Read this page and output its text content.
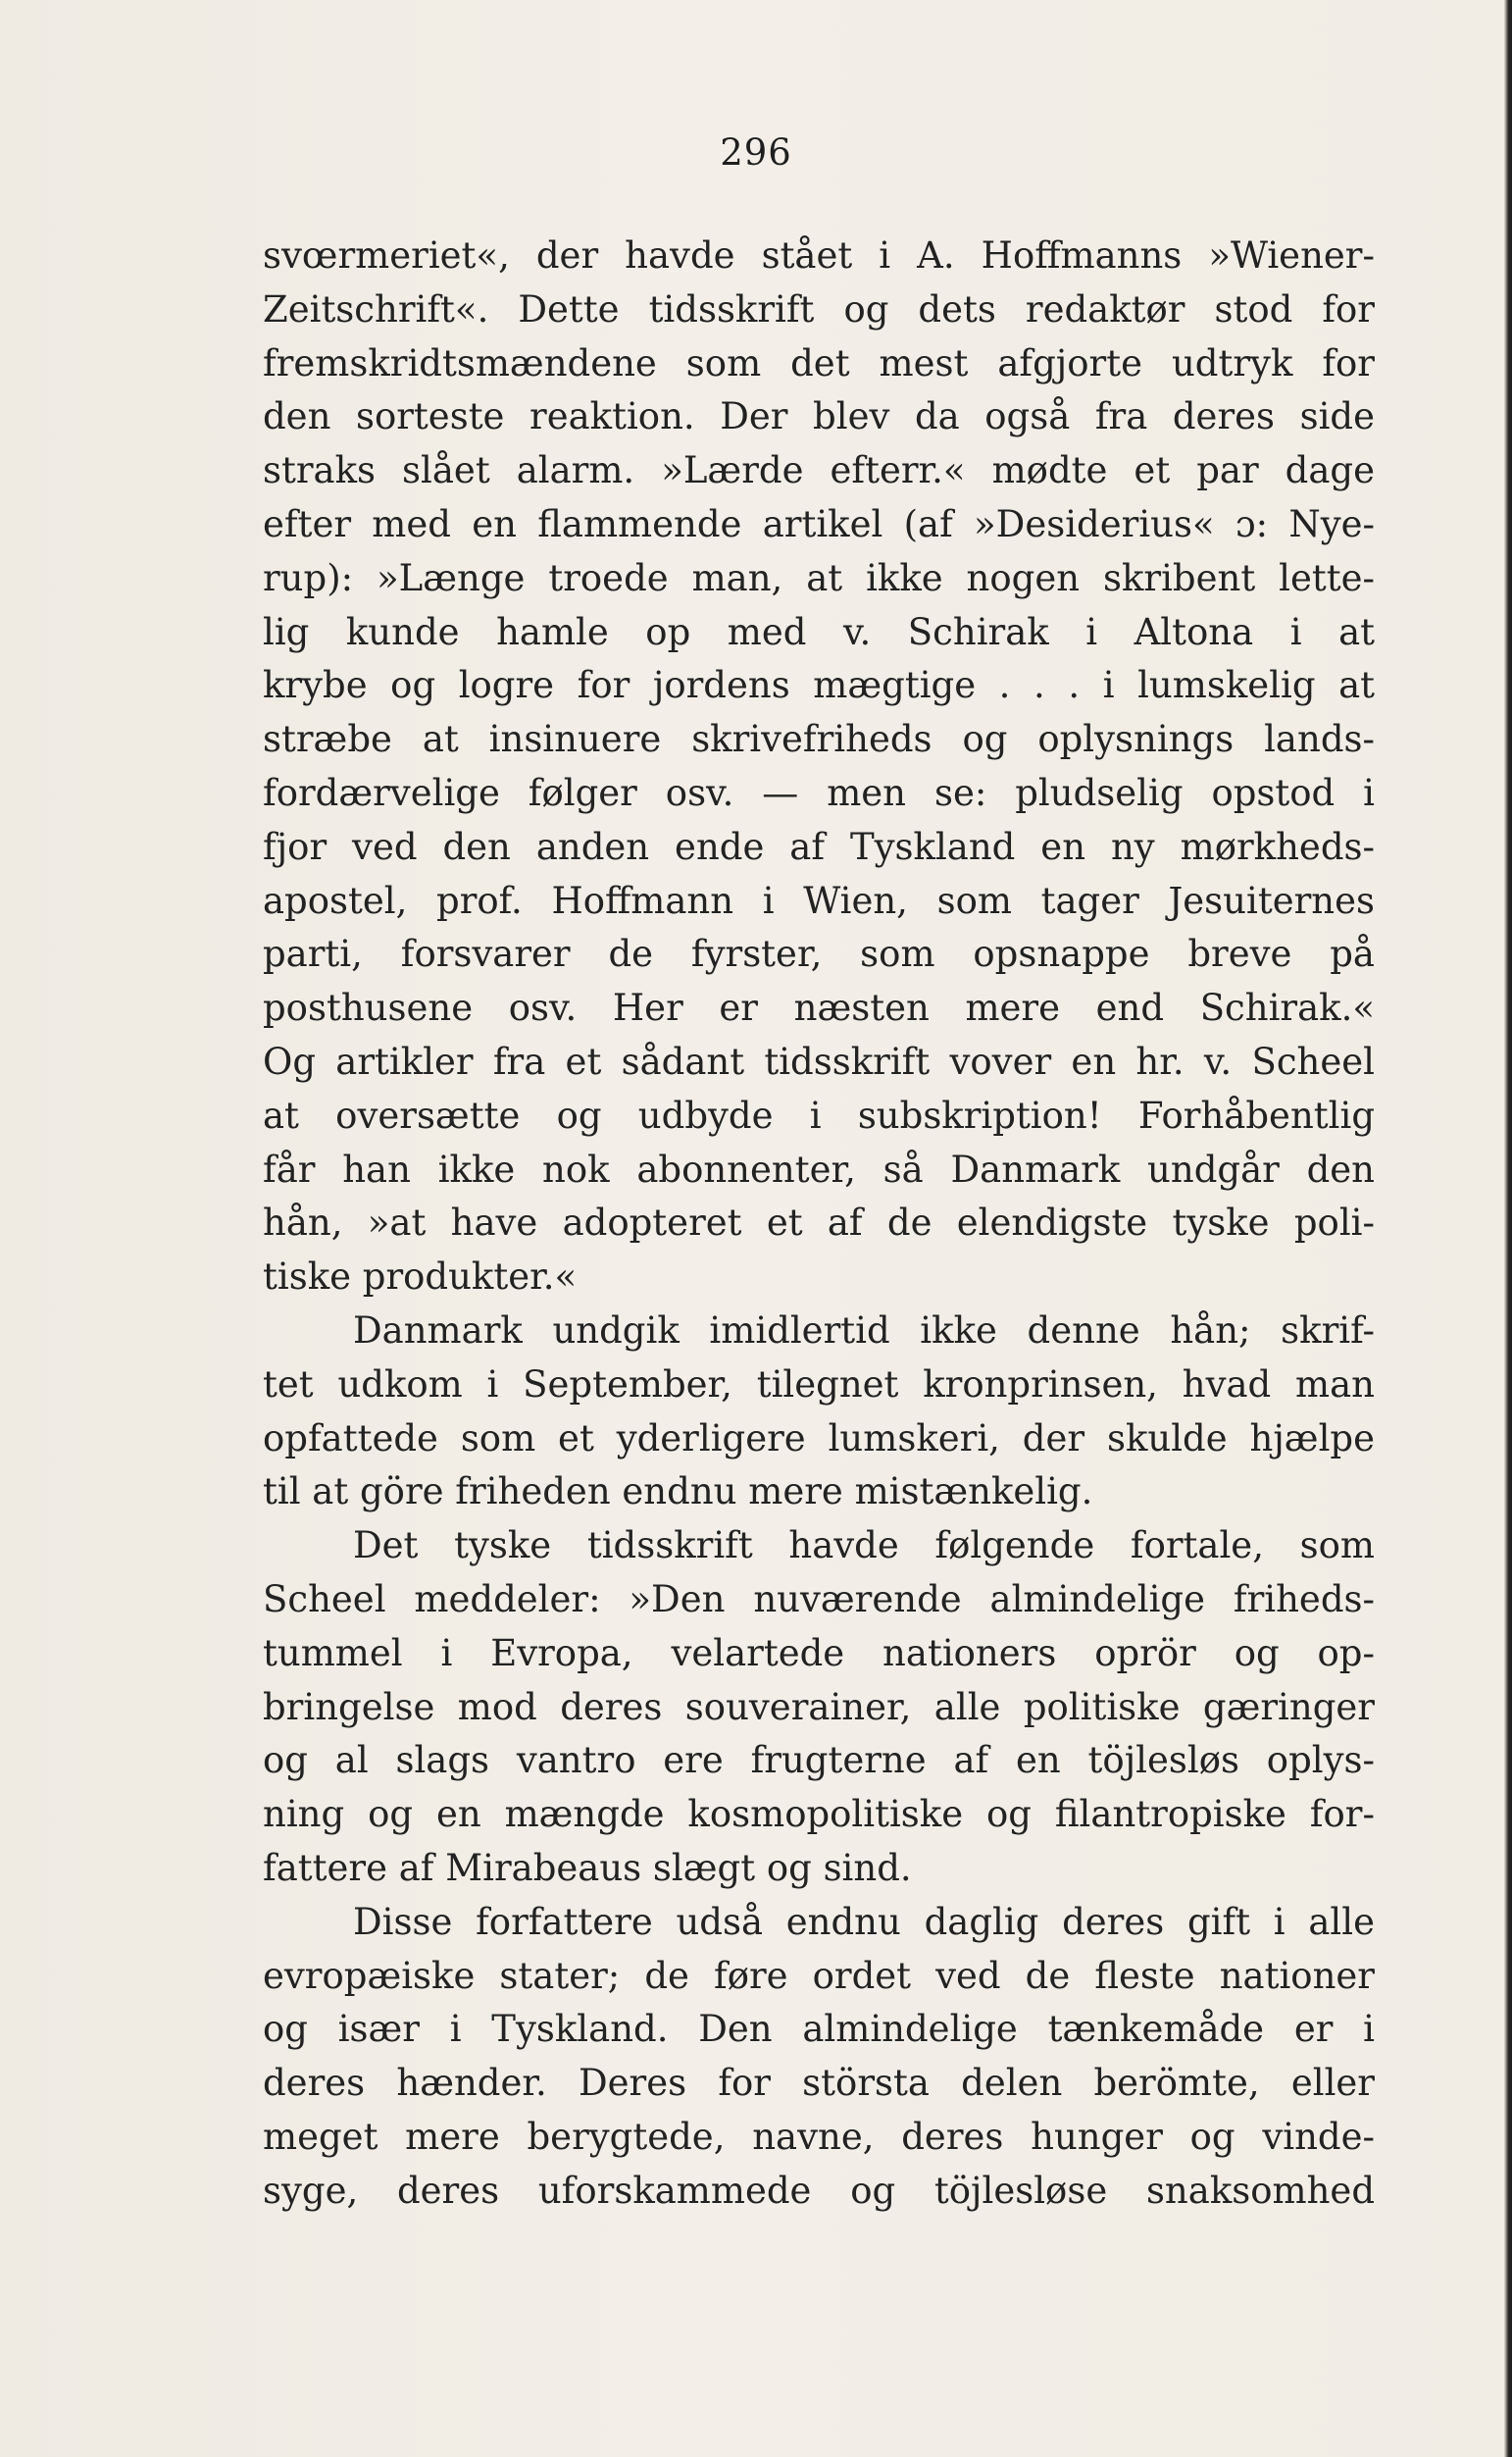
296
svœrmeriet«, der havde stået i A. Hoffmanns »Wiener-
Zeitschrift«. Dette tidsskrift og dets redaktør stod for
fremskridtsmændene som det mest afgjorte udtryk for
den sorteste reaktion. Der blev da også fra deres side
straks slået alarm. »Lærde efterr.« mødte et par dage
efter med en flammende artikel (af »Desiderius« ɔ: Nye-
rup): »Længe troede man, at ikke nogen skribent lette-
lig kunde hamle op med v. Schirak i Altona i at
krybe og logre for jordens mægtige . . . i lumskelig at
stræbe at insinuere skrivefriheds og oplysnings lands-
fordærvelige følger osv. — men se: pludselig opstod i
fjor ved den anden ende af Tyskland en ny mørkheds-
apostel, prof. Hoffmann i Wien, som tager Jesuiternes
parti, forsvarer de fyrster, som opsnappe breve på
posthusene osv. Her er næsten mere end Schirak.«
Og artikler fra et sådant tidsskrift vover en hr. v. Scheel
at oversætte og udbyde i subskription! Forhåbentlig
får han ikke nok abonnenter, så Danmark undgår den
hån, »at have adopteret et af de elendigste tyske poli-
tiske produkter.«
Danmark undgik imidlertid ikke denne hån; skrif-
tet udkom i September, tilegnet kronprinsen, hvad man
opfattede som et yderligere lumskeri, der skulde hjælpe
til at göre friheden endnu mere mistænkelig.
Det tyske tidsskrift havde følgende fortale, som
Scheel meddeler: »Den nuværende almindelige friheds-
tummel i Evropa, velartede nationers oprör og op-
bringelse mod deres souverainer, alle politiske gæringer
og al slags vantro ere frugterne af en töjlesløs oplys-
ning og en mængde kosmopolitiske og filantropiske for-
fattere af Mirabeaus slægt og sind.
Disse forfattere udså endnu daglig deres gift i alle
evropæiske stater; de føre ordet ved de fleste nationer
og især i Tyskland. Den almindelige tænkemåde er i
deres hænder. Deres for största delen berömte, eller
meget mere berygtede, navne, deres hunger og vinde-
syge, deres uforskammede og töjlesløse snaksomhed
